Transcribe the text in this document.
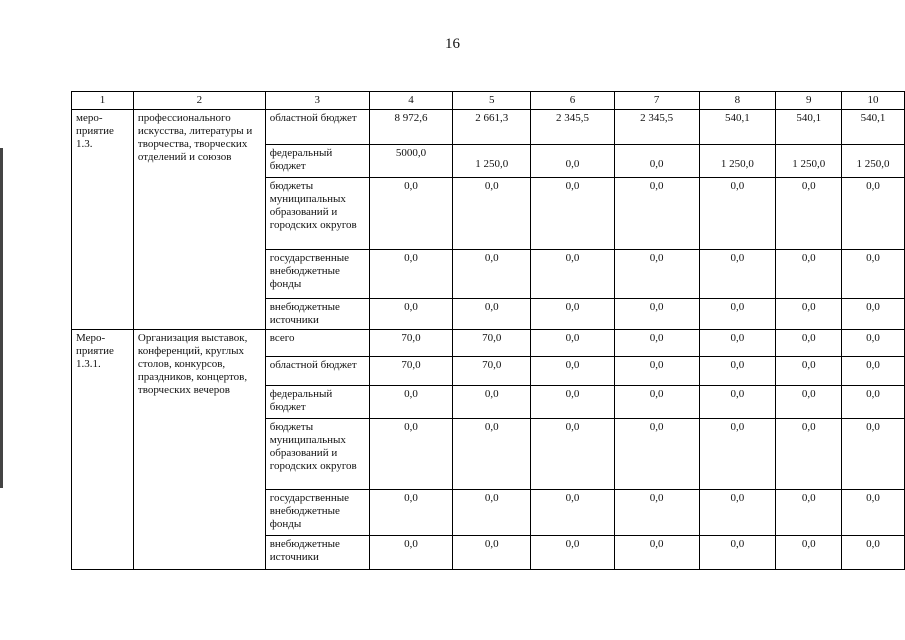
16
1	2	3	4	5	6	7	8	9	10
меро-
приятие
1.3.	профессионального искусства, литературы и творчества, творческих отделений и союзов	областной бюджет	8 972,6	2 661,3	2 345,5	2 345,5	540,1	540,1	540,1
		федеральный бюджет	5000,0	1 250,0	0,0	0,0	1 250,0	1 250,0	1 250,0
		бюджеты муниципальных образований и городских округов	0,0	0,0	0,0	0,0	0,0	0,0	0,0
		государственные внебюджетные фонды	0,0	0,0	0,0	0,0	0,0	0,0	0,0
		внебюджетные источники	0,0	0,0	0,0	0,0	0,0	0,0	0,0
Меро-
приятие
1.3.1.	Организация выставок, конференций, круглых столов, конкурсов, праздников, концертов, творческих вечеров	всего	70,0	70,0	0,0	0,0	0,0	0,0	0,0
		областной бюджет	70,0	70,0	0,0	0,0	0,0	0,0	0,0
		федеральный бюджет	0,0	0,0	0,0	0,0	0,0	0,0	0,0
		бюджеты муниципальных образований и городских округов	0,0	0,0	0,0	0,0	0,0	0,0	0,0
		государственные внебюджетные фонды	0,0	0,0	0,0	0,0	0,0	0,0	0,0
		внебюджетные источники	0,0	0,0	0,0	0,0	0,0	0,0	0,0
